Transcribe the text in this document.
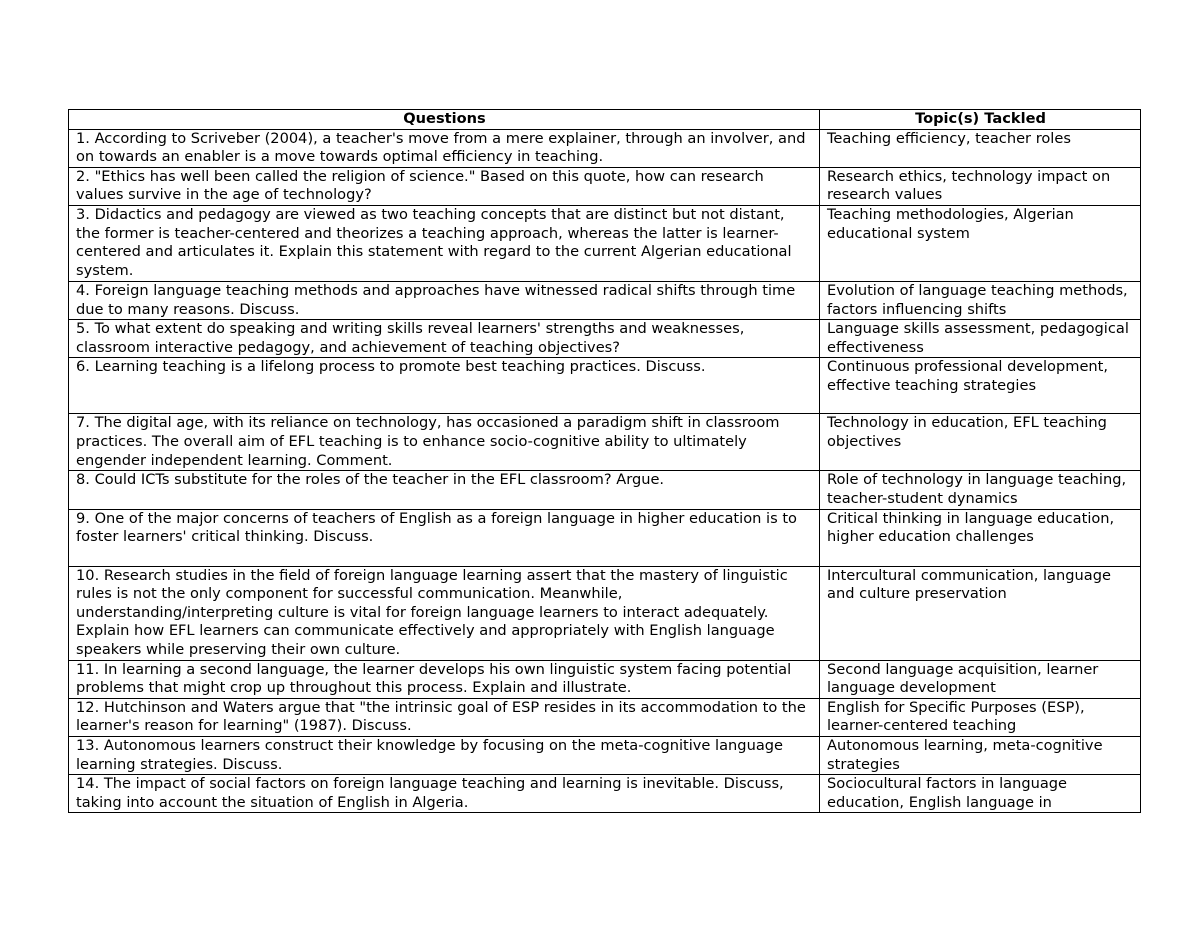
Questions	Topic(s) Tackled
1. According to Scriveber (2004), a teacher's move from a mere explainer, through an involver, and on towards an enabler is a move towards optimal efficiency in teaching.	Teaching efficiency, teacher roles
2. "Ethics has well been called the religion of science." Based on this quote, how can research values survive in the age of technology?	Research ethics, technology impact on research values
3. Didactics and pedagogy are viewed as two teaching concepts that are distinct but not distant, the former is teacher-centered and theorizes a teaching approach, whereas the latter is learner-centered and articulates it. Explain this statement with regard to the current Algerian educational system.	Teaching methodologies, Algerian educational system
4. Foreign language teaching methods and approaches have witnessed radical shifts through time due to many reasons. Discuss.	Evolution of language teaching methods, factors influencing shifts
5. To what extent do speaking and writing skills reveal learners' strengths and weaknesses, classroom interactive pedagogy, and achievement of teaching objectives?	Language skills assessment, pedagogical effectiveness
6. Learning teaching is a lifelong process to promote best teaching practices. Discuss.	Continuous professional development, effective teaching strategies
7. The digital age, with its reliance on technology, has occasioned a paradigm shift in classroom practices. The overall aim of EFL teaching is to enhance socio-cognitive ability to ultimately engender independent learning. Comment.	Technology in education, EFL teaching objectives
8. Could ICTs substitute for the roles of the teacher in the EFL classroom? Argue.	Role of technology in language teaching, teacher-student dynamics
9. One of the major concerns of teachers of English as a foreign language in higher education is to foster learners' critical thinking. Discuss.	Critical thinking in language education, higher education challenges
10. Research studies in the field of foreign language learning assert that the mastery of linguistic rules is not the only component for successful communication. Meanwhile, understanding/interpreting culture is vital for foreign language learners to interact adequately. Explain how EFL learners can communicate effectively and appropriately with English language speakers while preserving their own culture.	Intercultural communication, language and culture preservation
11. In learning a second language, the learner develops his own linguistic system facing potential problems that might crop up throughout this process. Explain and illustrate.	Second language acquisition, learner language development
12. Hutchinson and Waters argue that "the intrinsic goal of ESP resides in its accommodation to the learner's reason for learning" (1987). Discuss.	English for Specific Purposes (ESP), learner-centered teaching
13. Autonomous learners construct their knowledge by focusing on the meta-cognitive language learning strategies. Discuss.	Autonomous learning, meta-cognitive strategies
14. The impact of social factors on foreign language teaching and learning is inevitable. Discuss, taking into account the situation of English in Algeria.	Sociocultural factors in language education, English language in
